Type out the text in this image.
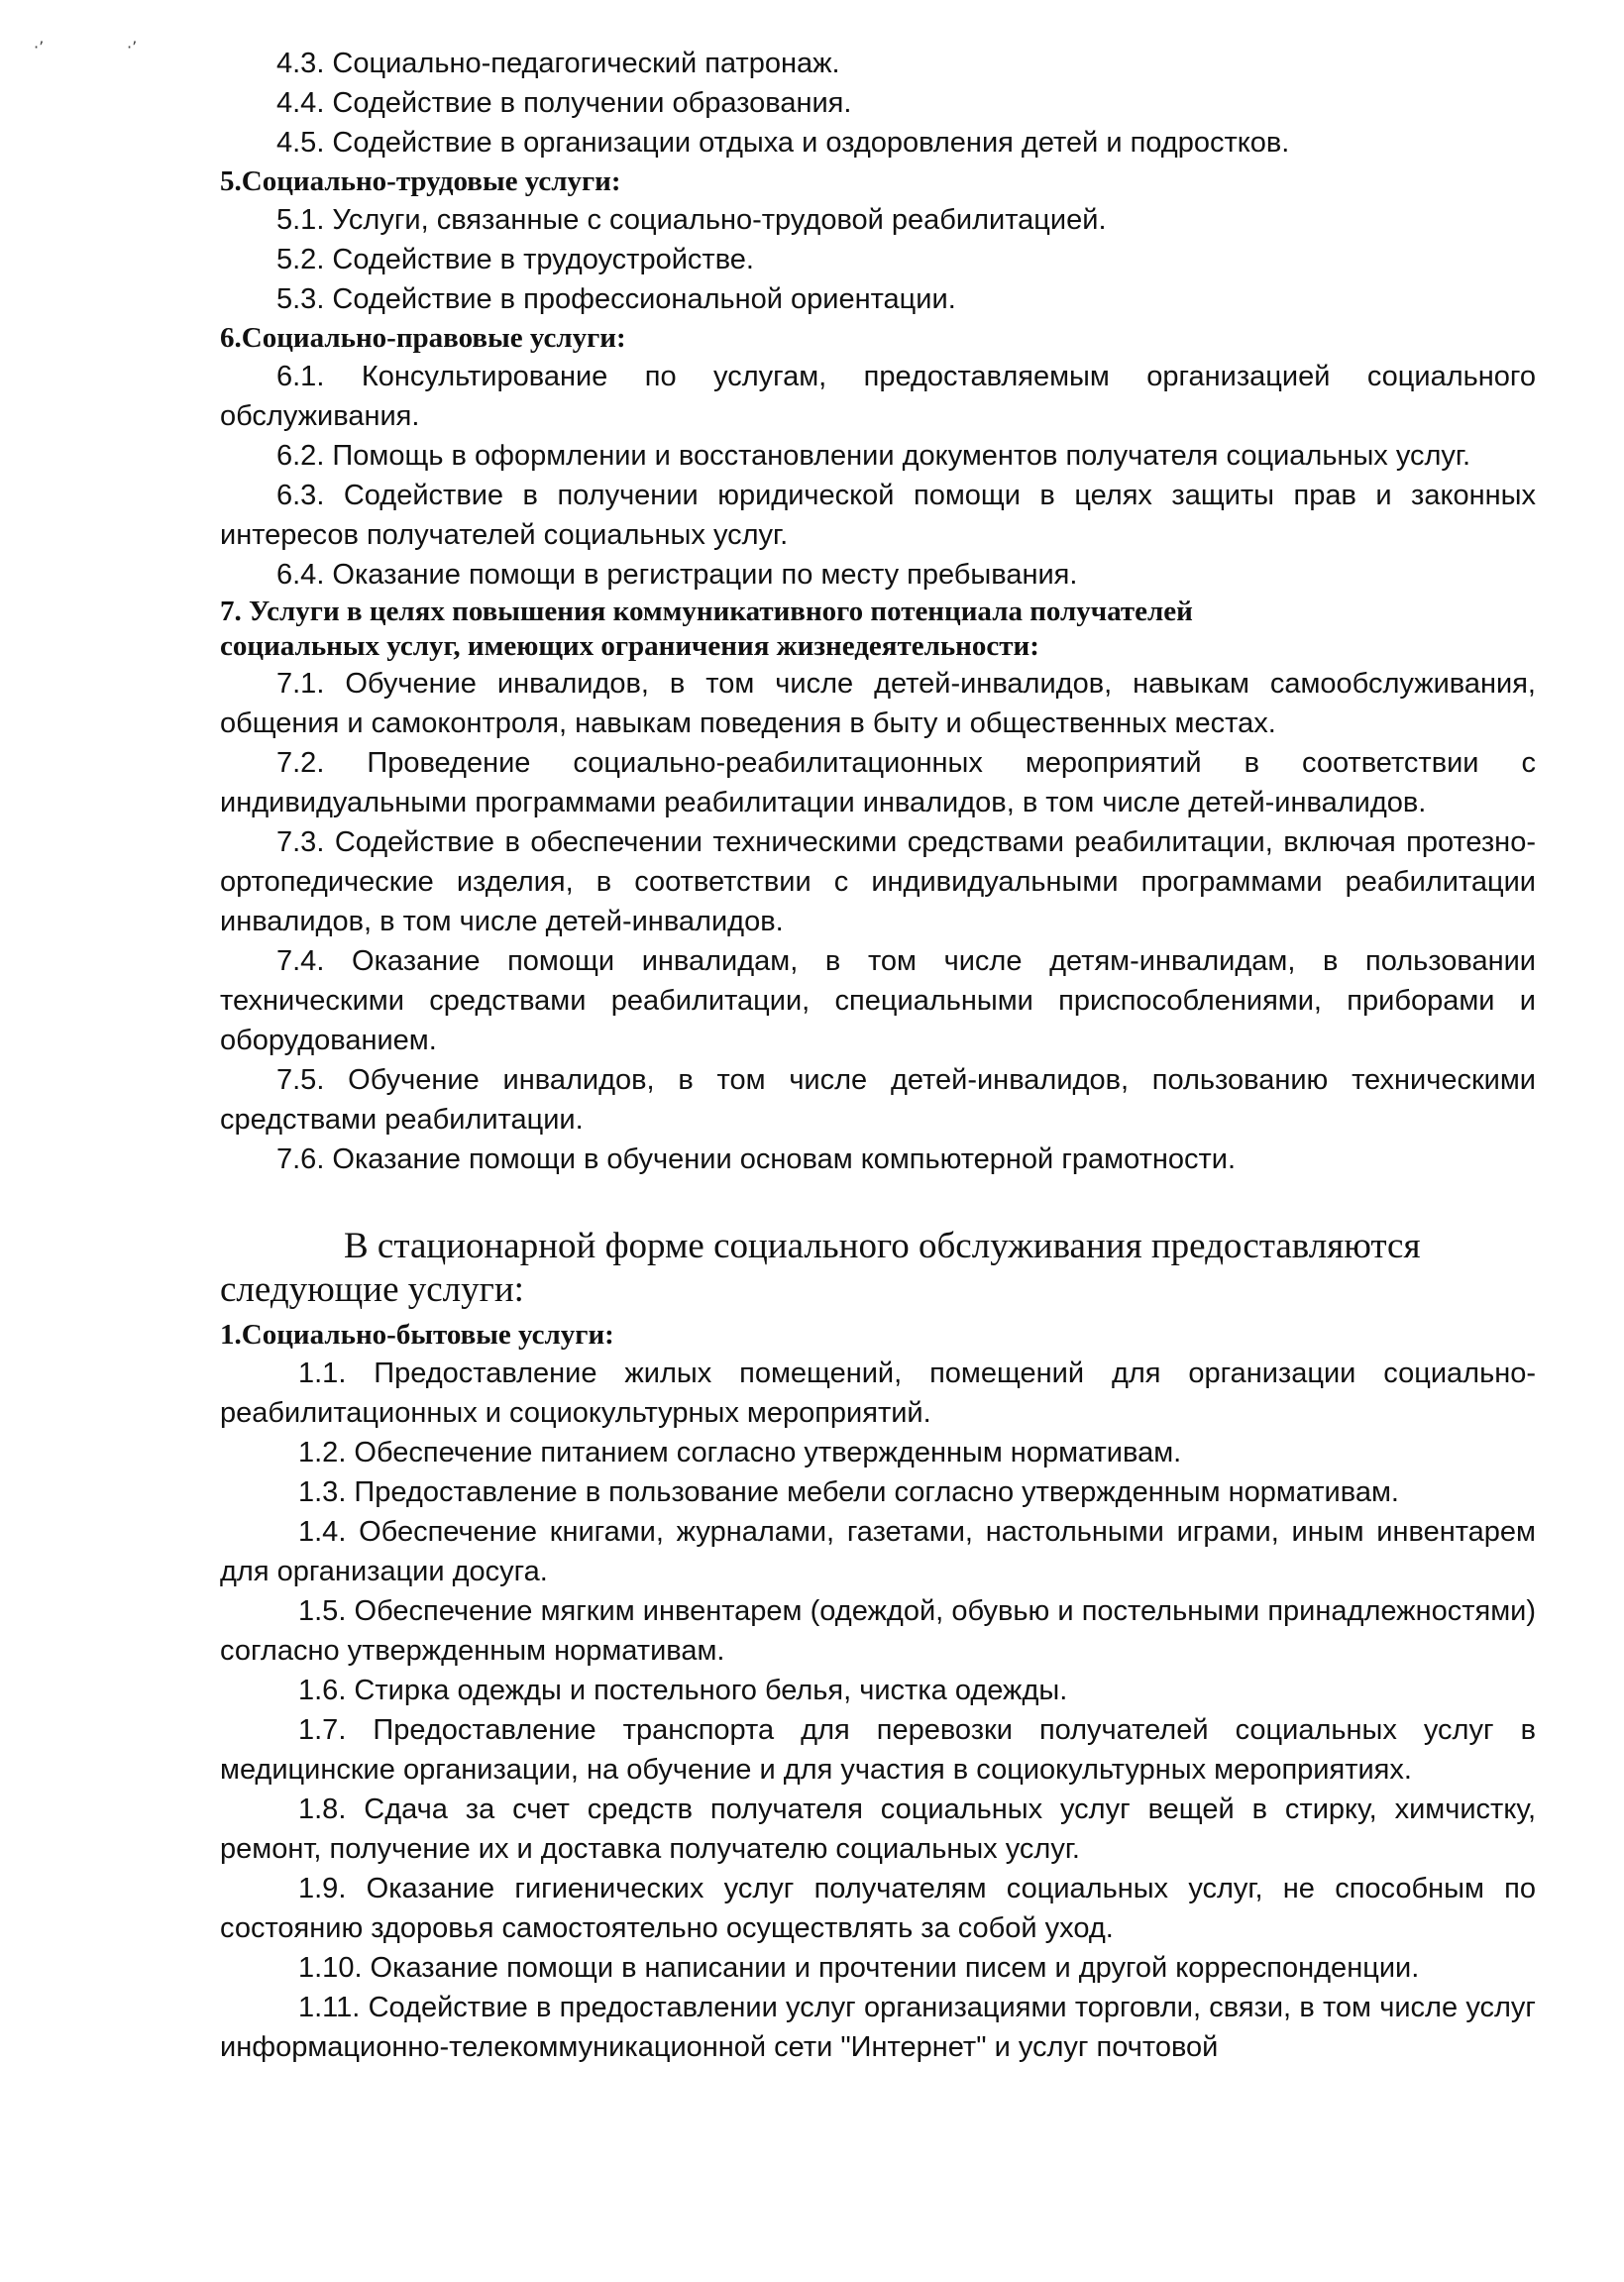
·’	·’

4.3. Социально-педагогический патронаж.

4.4. Содействие в получении образования.

4.5. Содействие в организации отдыха и оздоровления детей и подростков.

5.Социально-трудовые услуги:

5.1. Услуги, связанные с социально-трудовой реабилитацией.

5.2. Содействие в трудоустройстве.

5.3. Содействие в профессиональной ориентации.

6.Социально-правовые услуги:

6.1. Консультирование по услугам, предоставляемым организацией социального обслуживания.

6.2. Помощь в оформлении и восстановлении документов получателя социальных услуг.

6.3. Содействие в получении юридической помощи в целях защиты прав и законных интересов получателей социальных услуг.

6.4. Оказание помощи в регистрации по месту пребывания.

7. Услуги в целях повышения коммуникативного потенциала получателей

социальных услуг, имеющих ограничения жизнедеятельности:

7.1. Обучение инвалидов, в том числе детей-инвалидов, навыкам самообслуживания, общения и самоконтроля, навыкам поведения в быту и общественных местах.

7.2. Проведение социально-реабилитационных мероприятий в соответствии с индивидуальными программами реабилитации инвалидов, в том числе детей-инвалидов.

7.3. Содействие в обеспечении техническими средствами реабилитации, включая протезно-ортопедические изделия, в соответствии с индивидуальными программами реабилитации инвалидов, в том числе детей-инвалидов.

7.4. Оказание помощи инвалидам, в том числе детям-инвалидам, в пользовании техническими средствами реабилитации, специальными приспособлениями, приборами и оборудованием.

7.5. Обучение инвалидов, в том числе детей-инвалидов, пользованию техническими средствами реабилитации.

7.6. Оказание помощи в обучении основам компьютерной грамотности.

В стационарной форме социального обслуживания предоставляются следующие услуги:

1.Социально-бытовые услуги:

1.1. Предоставление жилых помещений, помещений для организации социально-реабилитационных и социокультурных мероприятий.

1.2. Обеспечение питанием согласно утвержденным нормативам.

1.3. Предоставление в пользование мебели согласно утвержденным нормативам.

1.4. Обеспечение книгами, журналами, газетами, настольными играми, иным инвентарем для организации досуга.

1.5. Обеспечение мягким инвентарем (одеждой, обувью и постельными принадлежностями) согласно утвержденным нормативам.

1.6. Стирка одежды и постельного белья, чистка одежды.

1.7. Предоставление транспорта для перевозки получателей социальных услуг в медицинские организации, на обучение и для участия в социокультурных мероприятиях.

1.8. Сдача за счет средств получателя социальных услуг вещей в стирку, химчистку, ремонт, получение их и доставка получателю социальных услуг.

1.9. Оказание гигиенических услуг получателям социальных услуг, не способным по состоянию здоровья самостоятельно осуществлять за собой уход.

1.10. Оказание помощи в написании и прочтении писем и другой корреспонденции.

1.11. Содействие в предоставлении услуг организациями торговли, связи, в том числе услуг информационно-телекоммуникационной сети "Интернет" и услуг почтовой
